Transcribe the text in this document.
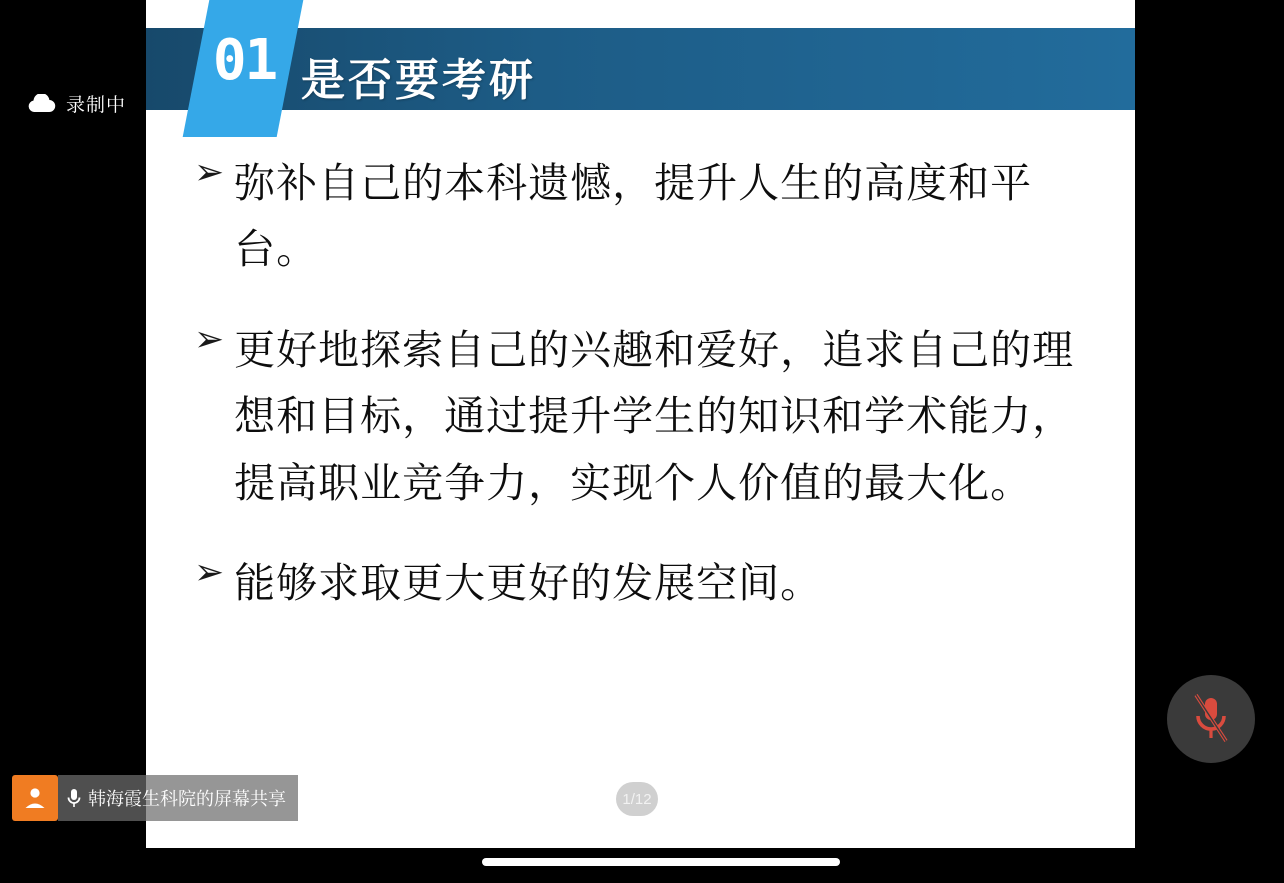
录制中
01 是否要考研
➢ 弥补自己的本科遗憾，提升人生的高度和平台。
➢ 更好地探索自己的兴趣和爱好，追求自己的理想和目标，通过提升学生的知识和学术能力，提高职业竞争力，实现个人价值的最大化。
➢ 能够求取更大更好的发展空间。
1/12
韩海霞生科院的屏幕共享
